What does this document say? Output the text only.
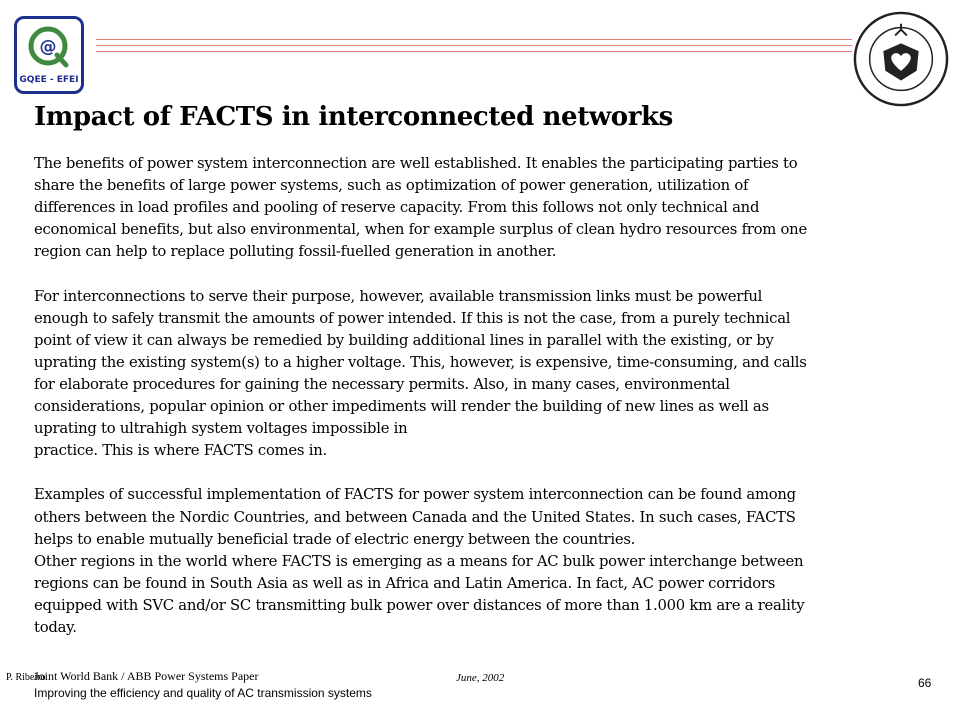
@
GQEE - EFEI
Impact of FACTS in interconnected networks
The benefits of power system interconnection are well established. It enables the participating parties to
share the benefits of large power systems, such as optimization of power generation, utilization of
differences in load profiles and pooling of reserve capacity. From this follows not only technical and
economical benefits, but also environmental, when for example surplus of clean hydro resources from one
region can help to replace polluting fossil-fuelled generation in another.
For interconnections to serve their purpose, however, available transmission links must be powerful
enough to safely transmit the amounts of power intended. If this is not the case, from a purely technical
point of view it can always be remedied by building additional lines in parallel with the existing, or by
uprating the existing system(s) to a higher voltage. This, however, is expensive, time-consuming, and calls
for elaborate procedures for gaining the necessary permits. Also, in many cases, environmental
considerations, popular opinion or other impediments will render the building of new lines as well as
uprating to ultrahigh system voltages impossible in
practice. This is where FACTS comes in.
Examples of successful implementation of FACTS for power system interconnection can be found among
others between the Nordic Countries, and between Canada and the United States. In such cases, FACTS
helps to enable mutually beneficial trade of electric energy between the countries.
Other regions in the world where FACTS is emerging as a means for AC bulk power interchange between
regions can be found in South Asia as well as in Africa and Latin America. In fact, AC power corridors
equipped with SVC and/or SC transmitting bulk power over distances of more than 1.000 km are a reality
today.
P. Ribeiro
Joint World Bank / ABB Power Systems Paper
Improving the efficiency and quality of AC transmission systems
June, 2002	66
